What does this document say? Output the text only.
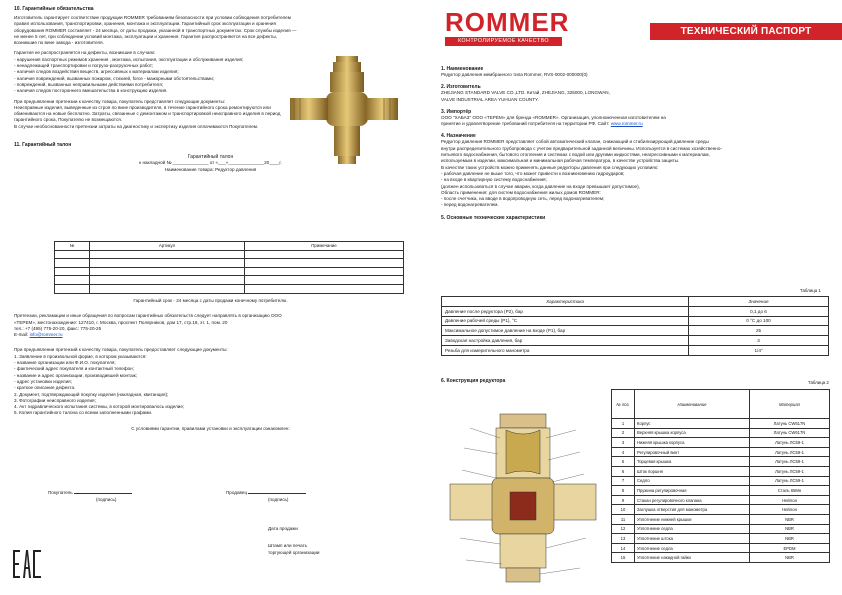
10. Гарантийные обязательства

Изготовитель гарантирует соответствие продукции ROMMER требованиям безопасности при условии соблюдения потребителем

правил использования, транспортировки, хранения, монтажа и эксплуатации. Гарантийный срок эксплуатации и хранения

оборудования ROMMER составляет - 24 месяца, от даты продажи, указанной в транспортных документах. Срок службы изделия —

не менее 5 лет, при соблюдении условий монтажа, эксплуатации и хранения. Гарантия распространяется на все дефекты,

возникшие по вине завода - изготовителя.

Гарантия не распространяется на дефекты, возникшие в случаях:

- нарушения паспортных режимов хранения , монтажа, испытания, эксплуатации и обслуживания изделия;

- ненадлежащей транспортировки и погрузо-разгрузочных работ;

- наличия следов воздействия веществ, агрессивных к материалам изделия;

- наличия повреждений, вызванных пожаром, стихией, force - мажорными обстоятельствами;

- повреждений, вызванных неправильными действиями потребителя;

- наличия следов постороннего вмешательства в конструкцию изделия.

При предъявлении претензии к качеству товара, покупатель представляет следующие документы:

Неисправные изделия, выведенные из строя по вине производителя, в течение гарантийного срока ремонтируются или

обмениваются на новые бесплатно. Затраты, связанные с демонтажом и транспортировкой неисправного изделия в период

гарантийного срока, Покупателю не возмещаются.

В случае необоснованности претензии затраты на диагностику и экспертизу изделия оплачиваются Покупателем.

11. Гарантийный талон

Гарантийный талон

к накладной № ______________ от «___»______________20____г.

Наименование товара: Редуктор давления

№	Артикул	Примечание

Гарантийный срок - 24 месяца с даты продажи конечному потребителю.

Претензии, рекламации и иные обращения по вопросам гарантийных обязательств следует направлять в организацию ООО

«ТЕРЕМ», местонахождение: 127410, г. Москва, проспект Полярников, дом 17, стр.18, эт. 1, пом. 20

тел.: +7 (495) 775-20-20, факс: 775-20-25

E-mail: info@rommer.ru

При предъявлении претензий к качеству товара, покупатель предоставляет следующие документы:

1. Заявление в произвольной форме, в котором указываются:

- название организации или Ф.И.О. покупателя;

- фактический адрес покупателя и контактный телефон;

- название и адрес организации, производившей монтаж;

- адрес установки изделия;

- краткое описание дефекта.

2. Документ, подтверждающий покупку изделия (накладная, квитанция);

3. Фотографии неисправного изделия;

4. Акт гидравлического испытания системы, в которой монтировалось изделие;

5. Копия гарантийного талона со всеми заполненными графами.

С условиями гарантии, правилами установки и эксплуатации ознакомлен:

Покупатель
(подпись)
Продавец
(подпись)
Дата продажи
Штамп или печать
торгующей организации
ROMMER
КОНТРОЛИРУЕМОЕ КАЧЕСТВО
ТЕХНИЧЕСКИЙ ПАСПОРТ

1. Наименование

Редуктор давления мембранного типа Rommer, RVS-0002-000000(0)

2. Изготовитель

ZHEJIANG STANDARD VALVE CO.,LTD. Китай, ZHEJIANG, 325000, LONGWAN,

VALVE INDUSTRIAL AREA YUHUAN COUNTY.

3. Импортёр

ООО "ХАБАЗ" ООО «ТЕРЕМ» для бренда «ROMMER». Организация, уполномоченная изготовителем на

принятие и удовлетворение требований потребителя на территории РФ. Сайт: www.rommer.ru

4. Назначение

Редуктор давления ROMMER представляет собой автоматический клапан, снижающий и стабилизирующий давление среды

внутри распределительного трубопровода с учетом предварительной заданной величины. Используется в системах хозяйственно-

питьевого водоснабжения, бытового отопления и системах с водой или другими жидкостями, неагрессивными к материалам,

используемым в изделии, максимальная и минимальная рабочая температура, в качестве устройства защиты.

В качестве таких устройств можно применять данные редукторы давления при следующих условиях:

- рабочая давление не выше того, что может привести к возникновению гидроударов;

- на входе в квартирную систему водоснабжения;

(должен использоваться в случае аварии, когда давление на входе превышает допустимое),

Область применения: для систем водоснабжения жилых домов ROMMER:

- после счетчика, на вводе в водопроводную сеть, перед водонагревателем;

- перед водонагревателем.

5. Основные технические характеристики

Таблица 1
Характеристика	Значение
Давление после редуктора (Р2), бар	0,1 до 6
Давление рабочей среды (Р1), °C	0 °С до 100
Максимальное допустимое давление на входе (Р1), бар	25
Заводская настройка давления, бар	3
Резьба для измерительного манометра	1/4"

6. Конструкция редуктора	Таблица 2
№ поз.	Наименование	Материал
1	Корпус	Латунь CW617N
2	Верхняя крышка корпуса	Латунь CW617N
3	Нижняя крышка корпуса	Латунь ЛС59-1
4	Регулировочный винт	Латунь ЛС59-1
5	Торцевая крышка	Латунь ЛС59-1
6	Шток поршня	Латунь ЛС59-1
7	Седло	Латунь ЛС59-1
8	Пружина регулировочная	Сталь 65Мн
9	Стакан регулировочного клапана	Нейлон
10	Заглушка отверстия для манометра	Нейлон
11	Уплотнение нижней крышки	NBR
12	Уплотнение седла	NBR
13	Уплотнение штока	NBR
14	Уплотнение седла	EPDM
15	Уплотнение накидной гайки	NBR
